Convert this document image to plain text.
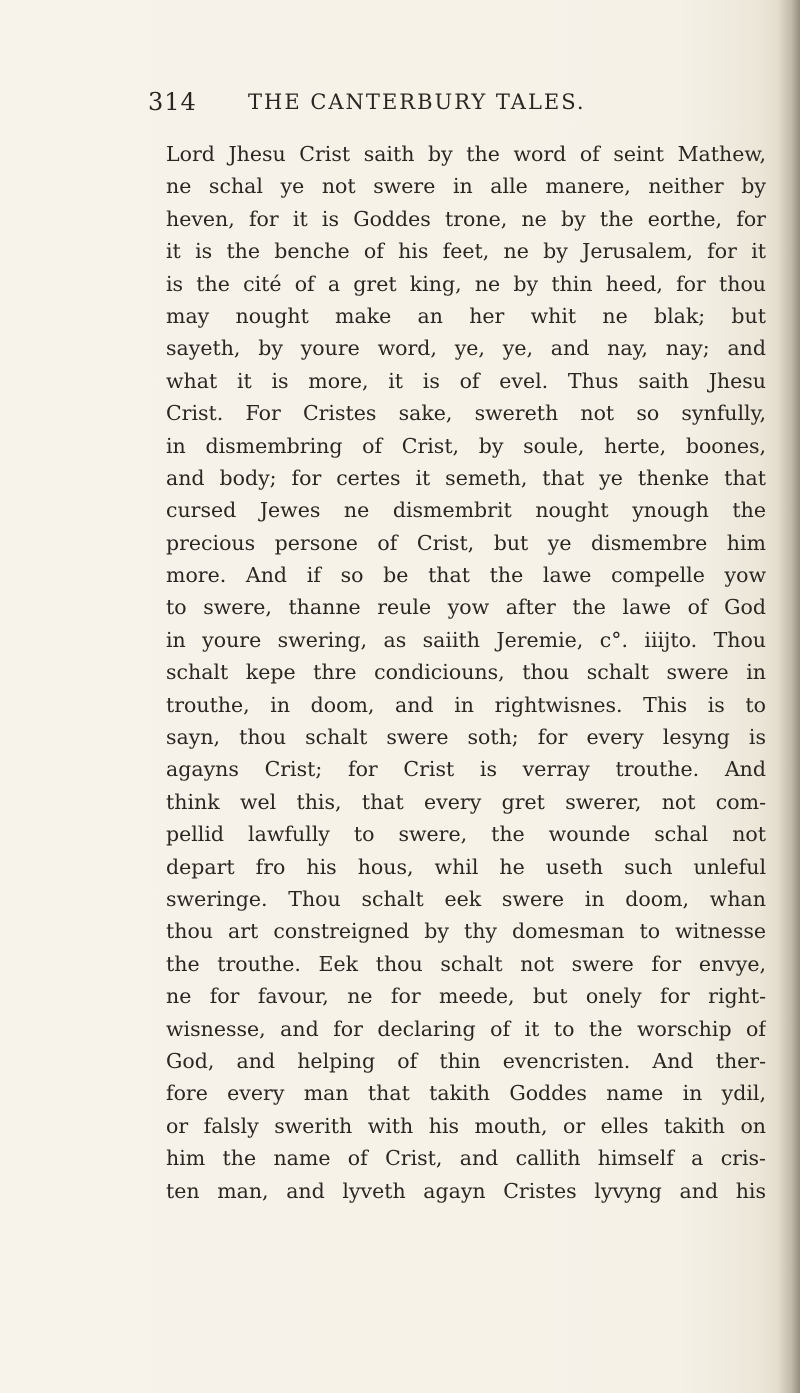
314 THE CANTERBURY TALES.
Lord Jhesu Crist saith by the word of seint Mathew,
ne schal ye not swere in alle manere, neither by
heven, for it is Goddes trone, ne by the eorthe, for
it is the benche of his feet, ne by Jerusalem, for it
is the cité of a gret king, ne by thin heed, for thou
may nought make an her whit ne blak; but
sayeth, by youre word, ye, ye, and nay, nay; and
what it is more, it is of evel. Thus saith Jhesu
Crist. For Cristes sake, swereth not so synfully,
in dismembring of Crist, by soule, herte, boones,
and body; for certes it semeth, that ye thenke that
cursed Jewes ne dismembrit nought ynough the
precious persone of Crist, but ye dismembre him
more. And if so be that the lawe compelle yow
to swere, thanne reule yow after the lawe of God
in youre swering, as saiith Jeremie, c°. iiijto. Thou
schalt kepe thre condiciouns, thou schalt swere in
trouthe, in doom, and in rightwisnes. This is to
sayn, thou schalt swere soth; for every lesyng is
agayns Crist; for Crist is verray trouthe. And
think wel this, that every gret swerer, not com-
pellid lawfully to swere, the wounde schal not
depart fro his hous, whil he useth such unleful
sweringe. Thou schalt eek swere in doom, whan
thou art constreigned by thy domesman to witnesse
the trouthe. Eek thou schalt not swere for envye,
ne for favour, ne for meede, but onely for right-
wisnesse, and for declaring of it to the worschip of
God, and helping of thin evencristen. And ther-
fore every man that takith Goddes name in ydil,
or falsly swerith with his mouth, or elles takith on
him the name of Crist, and callith himself a cris-
ten man, and lyveth agayn Cristes lyvyng and his
